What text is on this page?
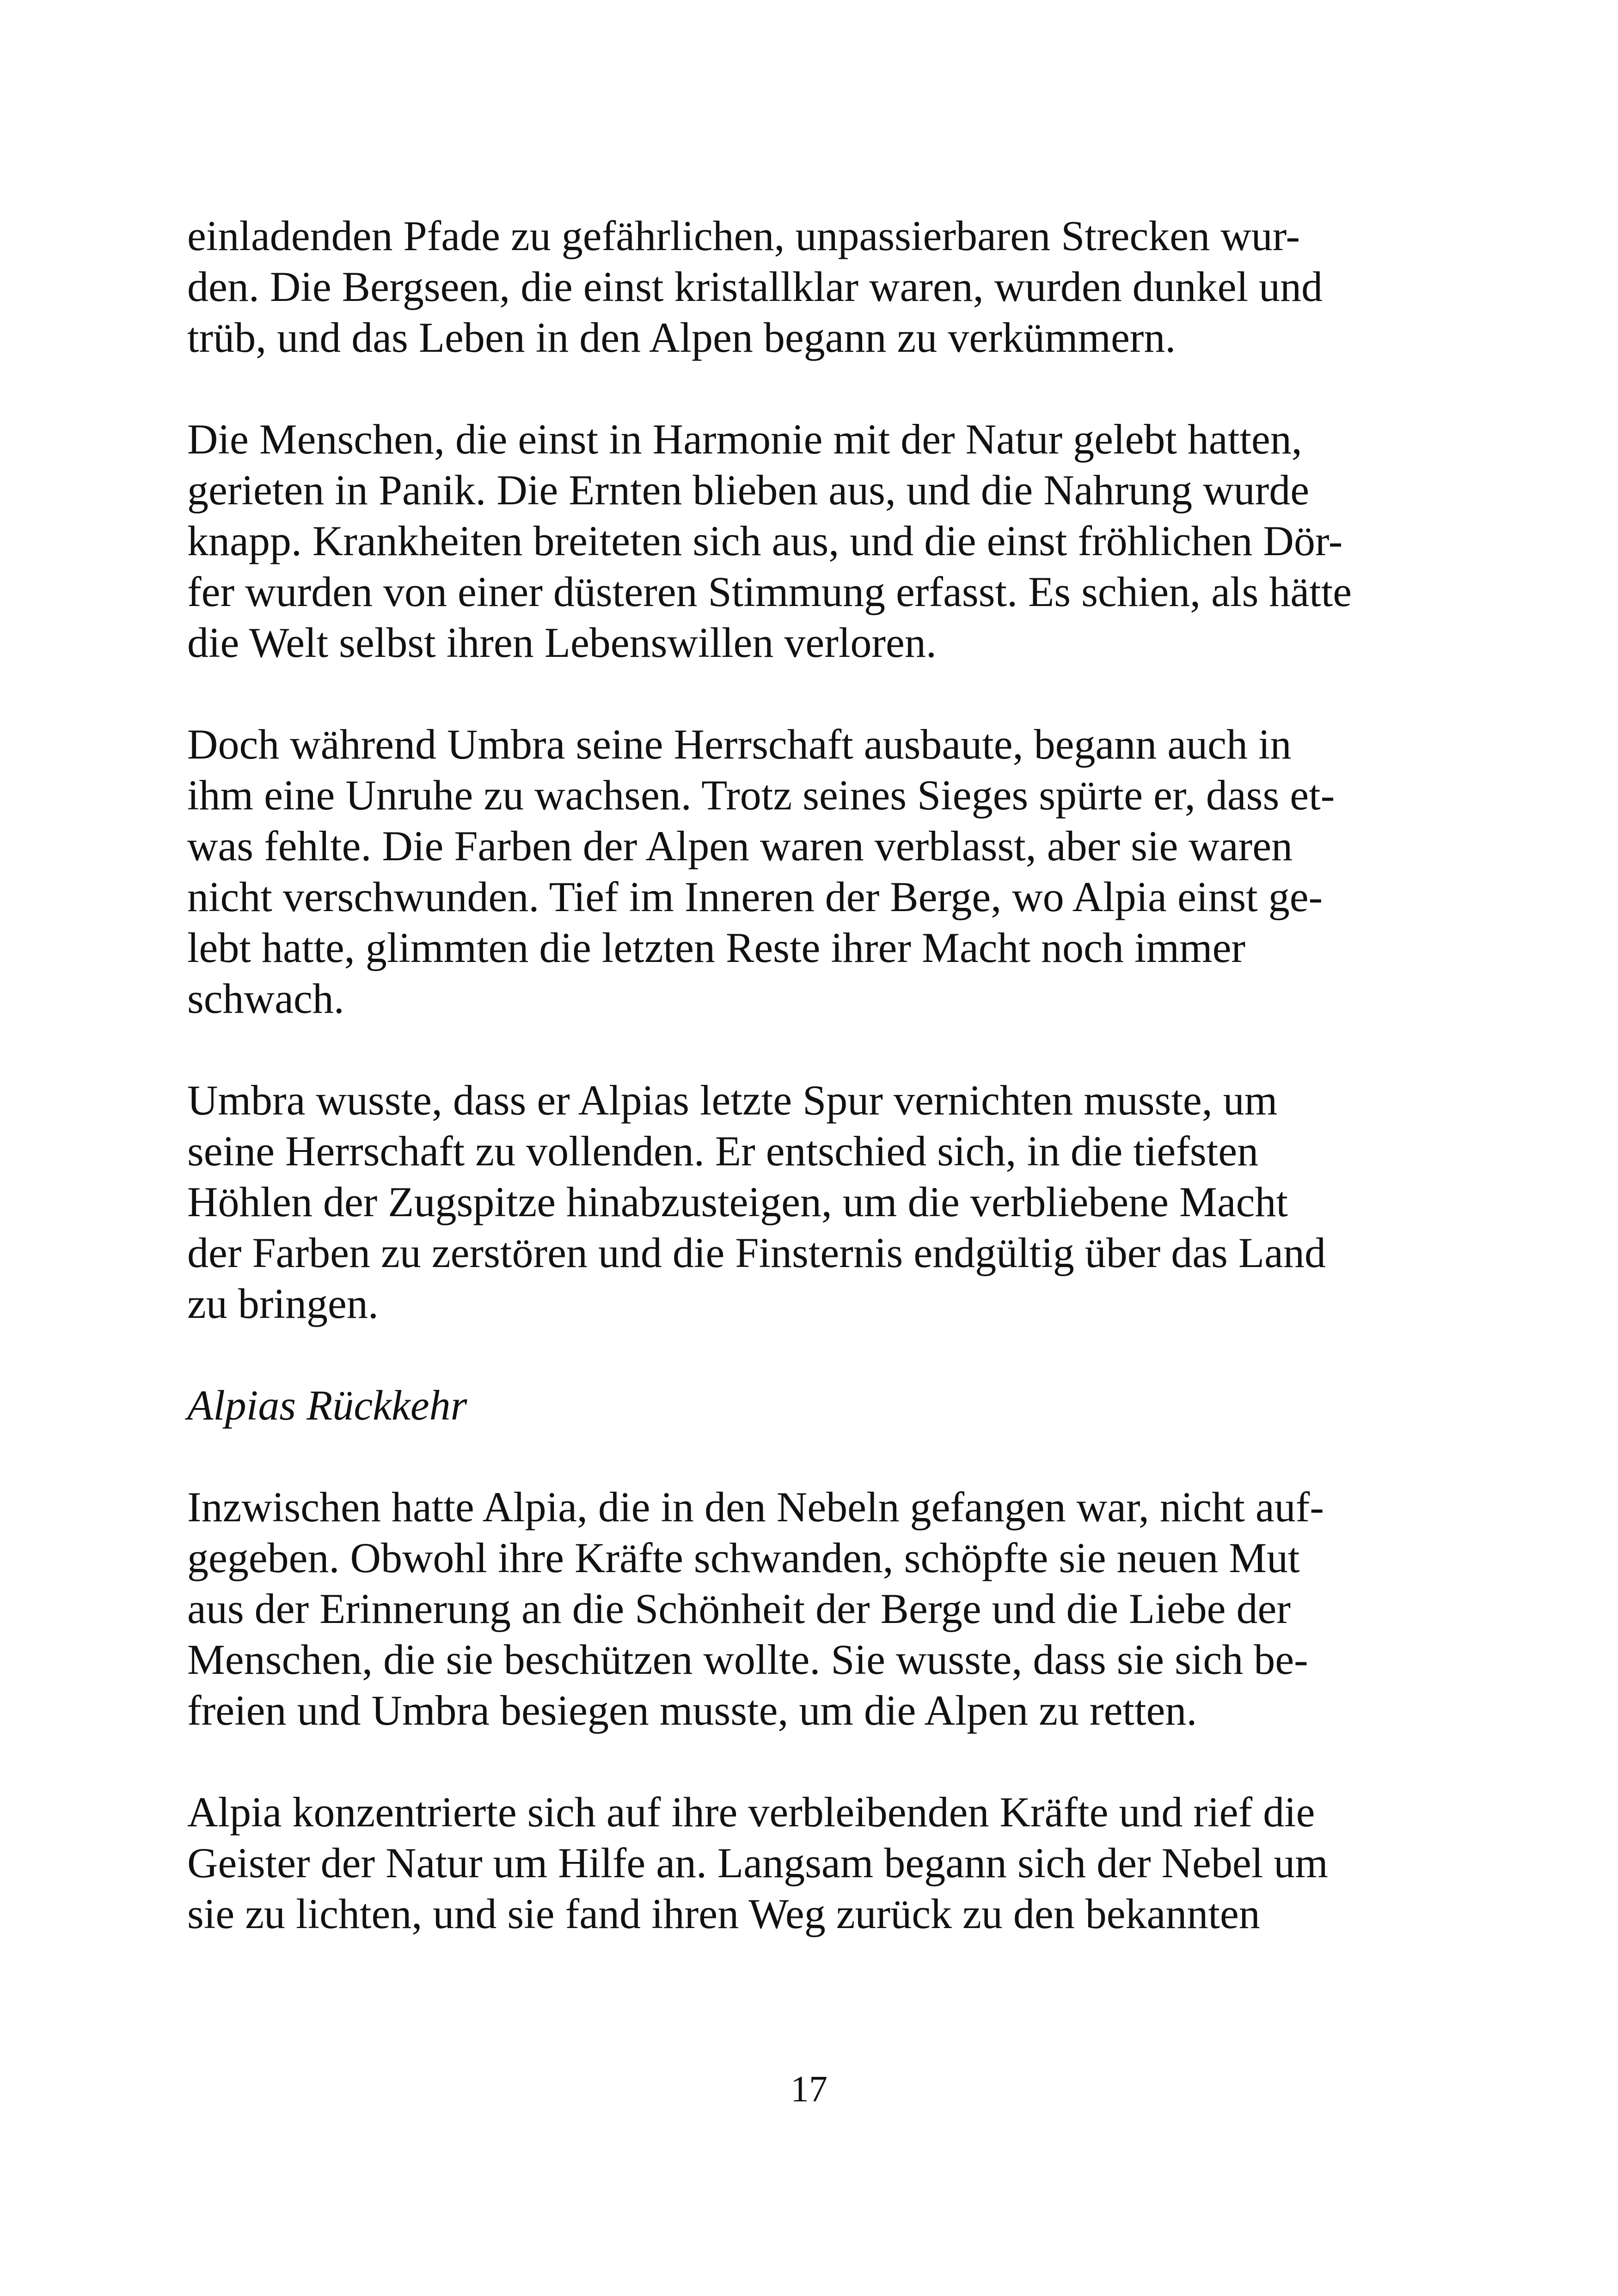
einladenden Pfade zu gefährlichen, unpassierbaren Strecken wur-
den. Die Bergseen, die einst kristallklar waren, wurden dunkel und
trüb, und das Leben in den Alpen begann zu verkümmern.

Die Menschen, die einst in Harmonie mit der Natur gelebt hatten,
gerieten in Panik. Die Ernten blieben aus, und die Nahrung wurde
knapp. Krankheiten breiteten sich aus, und die einst fröhlichen Dör-
fer wurden von einer düsteren Stimmung erfasst. Es schien, als hätte
die Welt selbst ihren Lebenswillen verloren.

Doch während Umbra seine Herrschaft ausbaute, begann auch in
ihm eine Unruhe zu wachsen. Trotz seines Sieges spürte er, dass et-
was fehlte. Die Farben der Alpen waren verblasst, aber sie waren
nicht verschwunden. Tief im Inneren der Berge, wo Alpia einst ge-
lebt hatte, glimmten die letzten Reste ihrer Macht noch immer
schwach.

Umbra wusste, dass er Alpias letzte Spur vernichten musste, um
seine Herrschaft zu vollenden. Er entschied sich, in die tiefsten
Höhlen der Zugspitze hinabzusteigen, um die verbliebene Macht
der Farben zu zerstören und die Finsternis endgültig über das Land
zu bringen.

Alpias Rückkehr

Inzwischen hatte Alpia, die in den Nebeln gefangen war, nicht auf-
gegeben. Obwohl ihre Kräfte schwanden, schöpfte sie neuen Mut
aus der Erinnerung an die Schönheit der Berge und die Liebe der
Menschen, die sie beschützen wollte. Sie wusste, dass sie sich be-
freien und Umbra besiegen musste, um die Alpen zu retten.

Alpia konzentrierte sich auf ihre verbleibenden Kräfte und rief die
Geister der Natur um Hilfe an. Langsam begann sich der Nebel um
sie zu lichten, und sie fand ihren Weg zurück zu den bekannten

17
